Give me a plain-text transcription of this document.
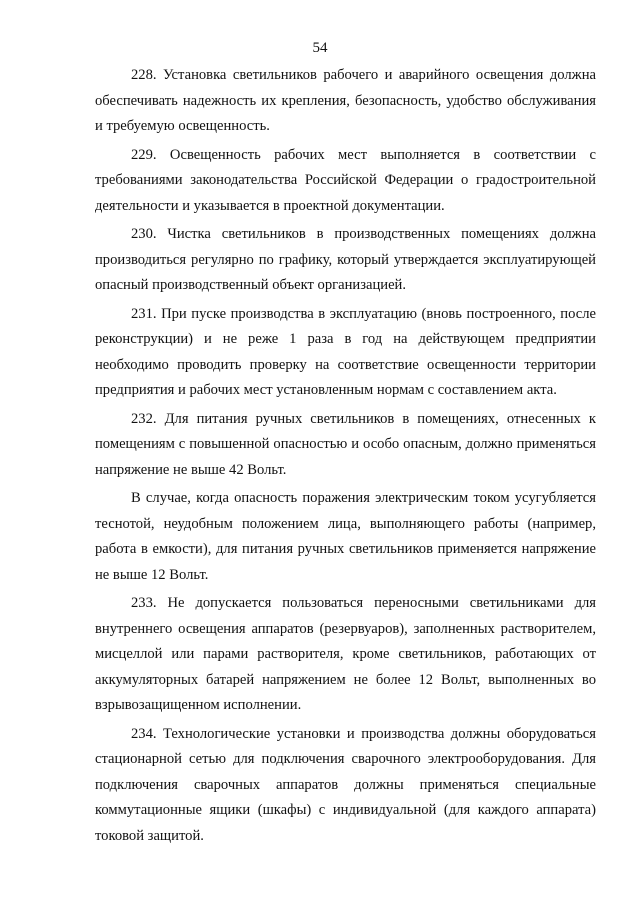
54

228. Установка светильников рабочего и аварийного освещения должна обеспечивать надежность их крепления, безопасность, удобство обслуживания и требуемую освещенность.

229. Освещенность рабочих мест выполняется в соответствии с требованиями законодательства Российской Федерации о градостроительной деятельности и указывается в проектной документации.

230. Чистка светильников в производственных помещениях должна производиться регулярно по графику, который утверждается эксплуатирующей опасный производственный объект организацией.

231. При пуске производства в эксплуатацию (вновь построенного, после реконструкции) и не реже 1 раза в год на действующем предприятии необходимо проводить проверку на соответствие освещенности территории предприятия и рабочих мест установленным нормам с составлением акта.

232. Для питания ручных светильников в помещениях, отнесенных к помещениям с повышенной опасностью и особо опасным, должно применяться напряжение не выше 42 Вольт.

В случае, когда опасность поражения электрическим током усугубляется теснотой, неудобным положением лица, выполняющего работы (например, работа в емкости), для питания ручных светильников применяется напряжение не выше 12 Вольт.

233. Не допускается пользоваться переносными светильниками для внутреннего освещения аппаратов (резервуаров), заполненных растворителем, мисцеллой или парами растворителя, кроме светильников, работающих от аккумуляторных батарей напряжением не более 12 Вольт, выполненных во взрывозащищенном исполнении.

234. Технологические установки и производства должны оборудоваться стационарной сетью для подключения сварочного электрооборудования. Для подключения сварочных аппаратов должны применяться специальные коммутационные ящики (шкафы) с индивидуальной (для каждого аппарата) токовой защитой.
